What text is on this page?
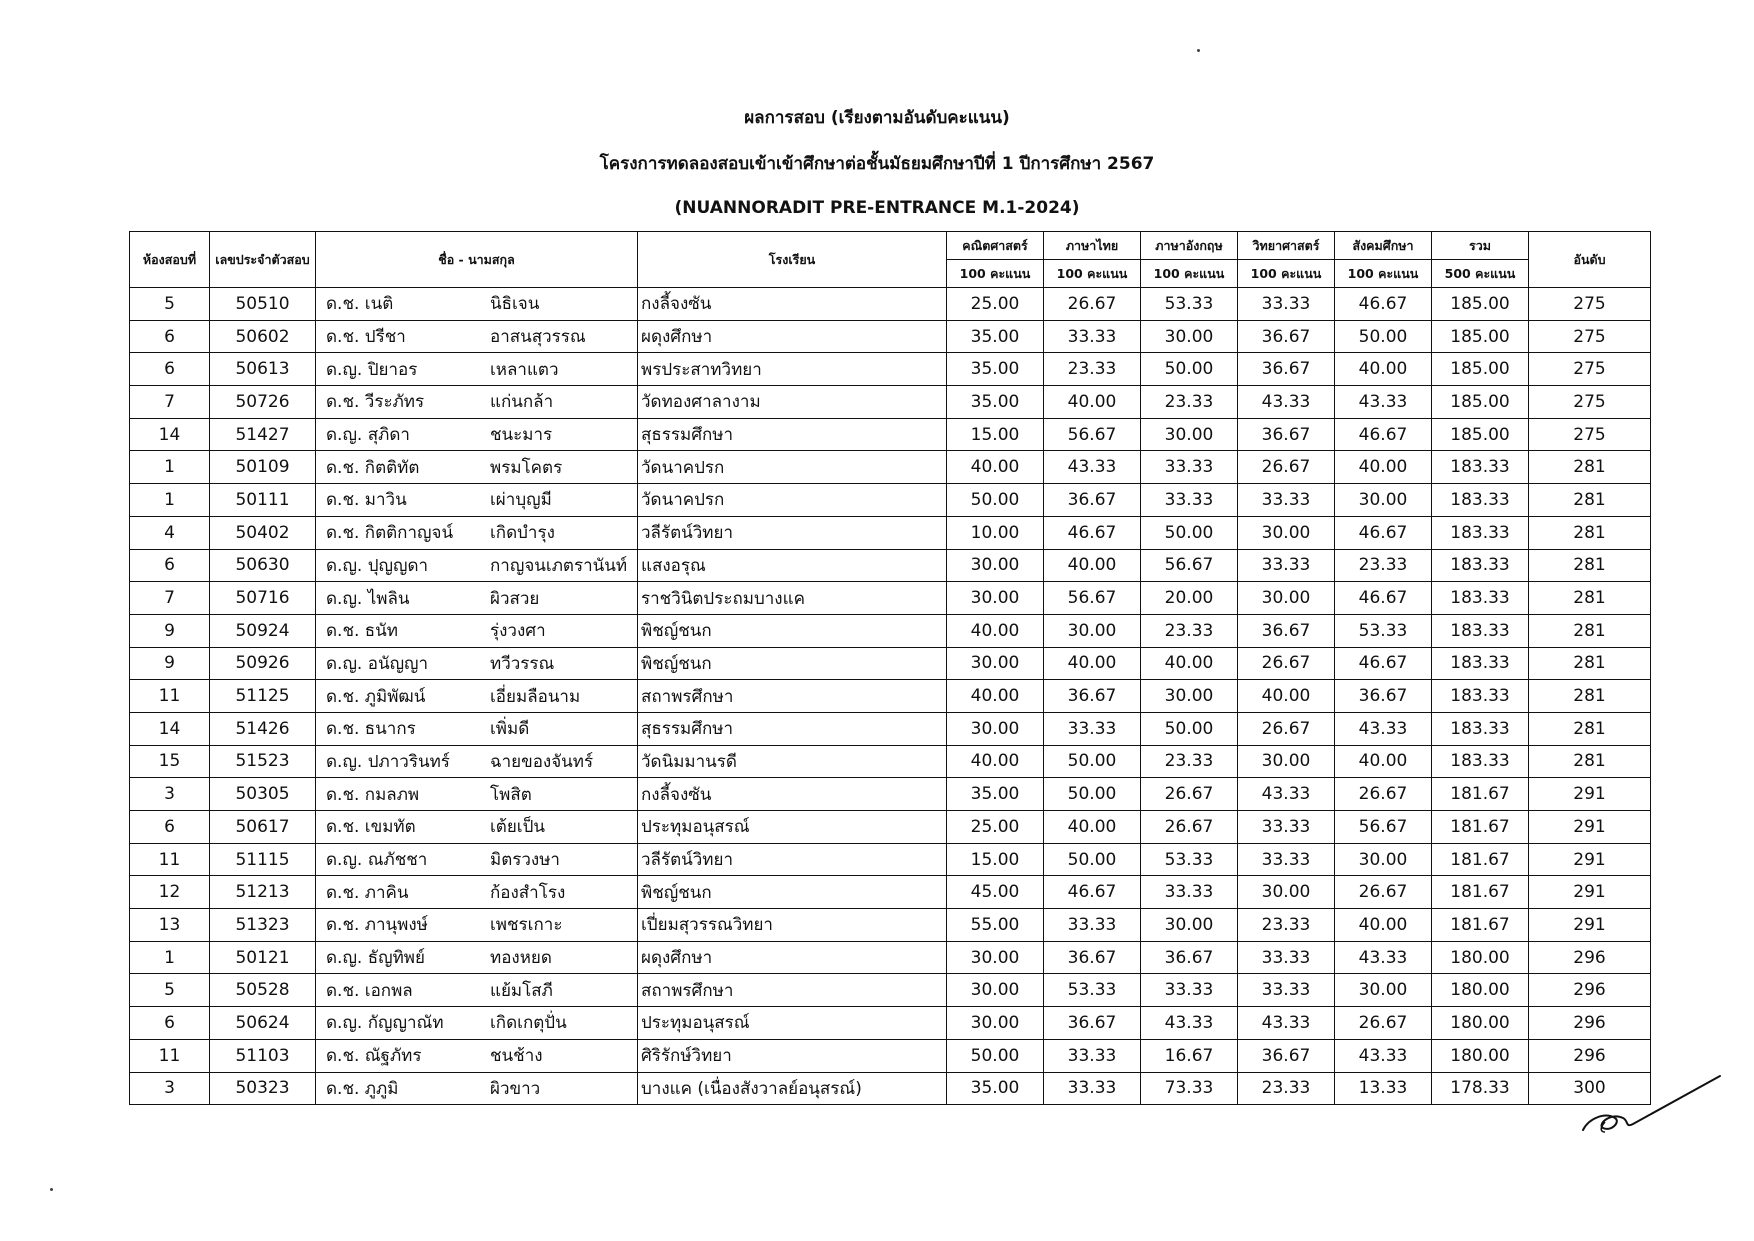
ผลการสอบ (เรียงตามอันดับคะแนน)
โครงการทดลองสอบเข้าเข้าศึกษาต่อชั้นมัธยมศึกษาปีที่ 1 ปีการศึกษา 2567
(NUANNORADIT PRE-ENTRANCE M.1-2024)
ห้องสอบที่	เลขประจำตัวสอบ	ชื่อ - นามสกุล	โรงเรียน	คณิตศาสตร์	ภาษาไทย	ภาษาอังกฤษ	วิทยาศาสตร์	สังคมศึกษา	รวม	อันดับ
				100 คะแนน	100 คะแนน	100 คะแนน	100 คะแนน	100 คะแนน	500 คะแนน	
5	50510	ด.ช. เนติ นิธิเจน	กงลี้จงซัน	25.00	26.67	53.33	33.33	46.67	185.00	275
6	50602	ด.ช. ปรีชา อาสนสุวรรณ	ผดุงศึกษา	35.00	33.33	30.00	36.67	50.00	185.00	275
6	50613	ด.ญ. ปิยาอร เหลาแตว	พรประสาทวิทยา	35.00	23.33	50.00	36.67	40.00	185.00	275
7	50726	ด.ช. วีระภัทร แก่นกล้า	วัดทองศาลางาม	35.00	40.00	23.33	43.33	43.33	185.00	275
14	51427	ด.ญ. สุภิดา ชนะมาร	สุธรรมศึกษา	15.00	56.67	30.00	36.67	46.67	185.00	275
1	50109	ด.ช. กิตติทัต พรมโคตร	วัดนาคปรก	40.00	43.33	33.33	26.67	40.00	183.33	281
1	50111	ด.ช. มาวิน เผ่าบุญมี	วัดนาคปรก	50.00	36.67	33.33	33.33	30.00	183.33	281
4	50402	ด.ช. กิตติกาญจน์ เกิดบำรุง	วลีรัตน์วิทยา	10.00	46.67	50.00	30.00	46.67	183.33	281
6	50630	ด.ญ. ปุญญดา กาญจนเภตรานันท์	แสงอรุณ	30.00	40.00	56.67	33.33	23.33	183.33	281
7	50716	ด.ญ. ไพลิน ผิวสวย	ราชวินิตประถมบางแค	30.00	56.67	20.00	30.00	46.67	183.33	281
9	50924	ด.ช. ธนัท รุ่งวงศา	พิชญ์ชนก	40.00	30.00	23.33	36.67	53.33	183.33	281
9	50926	ด.ญ. อนัญญา ทวีวรรณ	พิชญ์ชนก	30.00	40.00	40.00	26.67	46.67	183.33	281
11	51125	ด.ช. ภูมิพัฒน์ เอี่ยมลือนาม	สถาพรศึกษา	40.00	36.67	30.00	40.00	36.67	183.33	281
14	51426	ด.ช. ธนากร เพิ่มดี	สุธรรมศึกษา	30.00	33.33	50.00	26.67	43.33	183.33	281
15	51523	ด.ญ. ปภาวรินทร์ ฉายของจันทร์	วัดนิมมานรดี	40.00	50.00	23.33	30.00	40.00	183.33	281
3	50305	ด.ช. กมลภพ โพสิต	กงลี้จงซัน	35.00	50.00	26.67	43.33	26.67	181.67	291
6	50617	ด.ช. เขมทัต เต้ยเป็น	ประทุมอนุสรณ์	25.00	40.00	26.67	33.33	56.67	181.67	291
11	51115	ด.ญ. ณภัชชา มิตรวงษา	วลีรัตน์วิทยา	15.00	50.00	53.33	33.33	30.00	181.67	291
12	51213	ด.ช. ภาคิน ก้องสำโรง	พิชญ์ชนก	45.00	46.67	33.33	30.00	26.67	181.67	291
13	51323	ด.ช. ภานุพงษ์ เพชรเกาะ	เปี่ยมสุวรรณวิทยา	55.00	33.33	30.00	23.33	40.00	181.67	291
1	50121	ด.ญ. ธัญทิพย์ ทองหยด	ผดุงศึกษา	30.00	36.67	36.67	33.33	43.33	180.00	296
5	50528	ด.ช. เอกพล แย้มโสภี	สถาพรศึกษา	30.00	53.33	33.33	33.33	30.00	180.00	296
6	50624	ด.ญ. กัญญาณัท เกิดเกตุปั่น	ประทุมอนุสรณ์	30.00	36.67	43.33	43.33	26.67	180.00	296
11	51103	ด.ช. ณัฐภัทร ชนช้าง	ศิริรักษ์วิทยา	50.00	33.33	16.67	36.67	43.33	180.00	296
3	50323	ด.ช. ภูภูมิ ผิวขาว	บางแค (เนื่องสังวาลย์อนุสรณ์)	35.00	33.33	73.33	23.33	13.33	178.33	300
